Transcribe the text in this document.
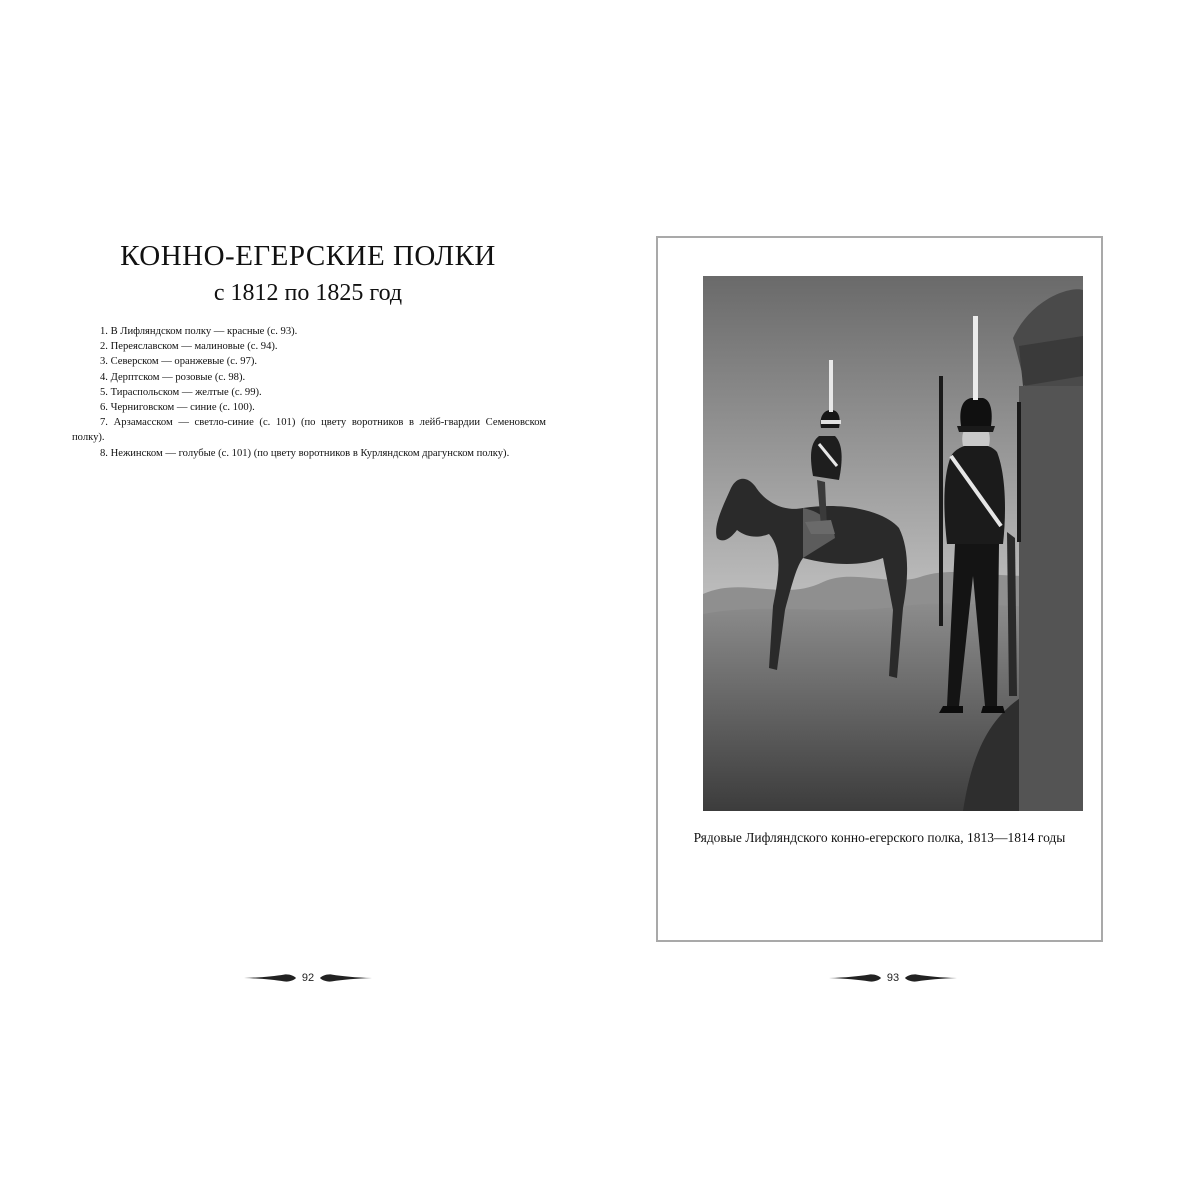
КОННО-ЕГЕРСКИЕ ПОЛКИ
с 1812 по 1825 год

1. В Лифляндском полку — красные (с. 93).
2. Переяславском — малиновые (с. 94).
3. Северском — оранжевые (с. 97).
4. Дерптском — розовые (с. 98).
5. Тираспольском — желтые (с. 99).
6. Черниговском — синие (с. 100).
7. Арзамасском — светло-синие (с. 101) (по цвету воротников в лейб-гвардии Семеновском полку).
8. Нежинском — голубые (с. 101) (по цвету воротников в Курляндском драгунском полку).
92

Рядовые Лифляндского конно-егерского полка, 1813—1814 годы

93
